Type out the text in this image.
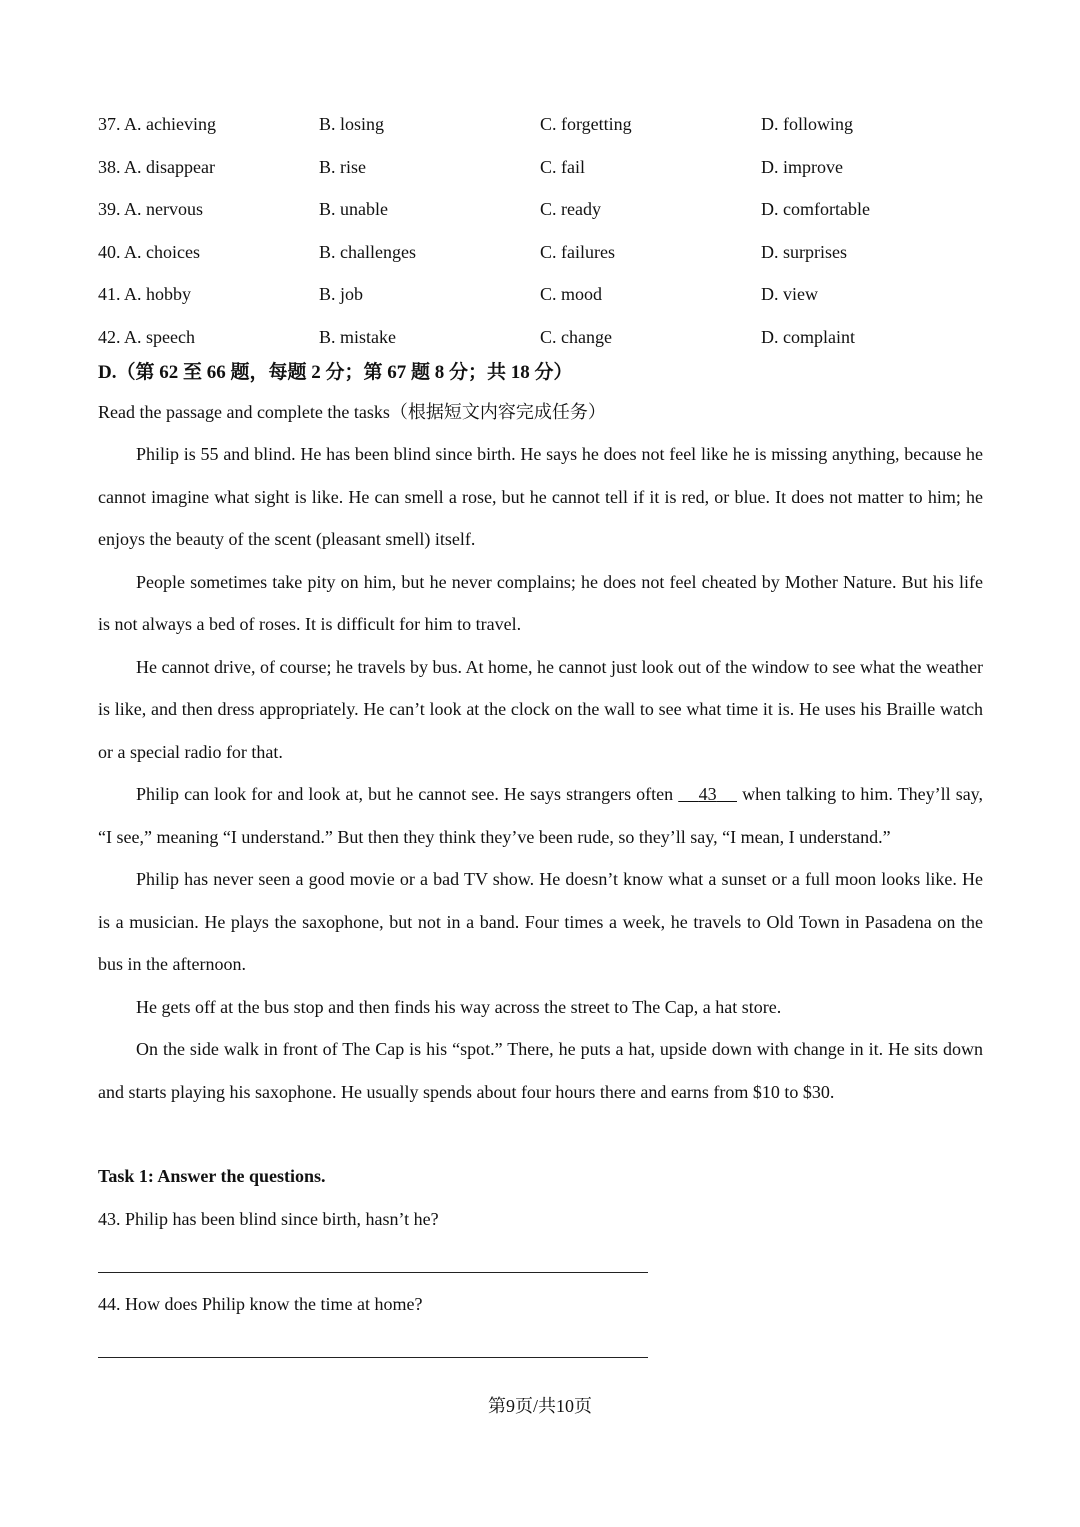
37. A. achieving	B. losing	C. forgetting	D. following
38. A. disappear	B. rise	C. fail	D. improve
39. A. nervous	B. unable	C. ready	D. comfortable
40. A. choices	B. challenges	C. failures	D. surprises
41. A. hobby	B. job	C. mood	D. view
42. A. speech	B. mistake	C. change	D. complaint
D.（第 62 至 66 题，每题 2 分；第 67 题 8 分；共 18 分）
Read the passage and complete the tasks（根据短文内容完成任务）

Philip is 55 and blind. He has been blind since birth. He says he does not feel like he is missing anything, because he cannot imagine what sight is like. He can smell a rose, but he cannot tell if it is red, or blue. It does not matter to him; he enjoys the beauty of the scent (pleasant smell) itself.

People sometimes take pity on him, but he never complains; he does not feel cheated by Mother Nature. But his life is not always a bed of roses. It is difficult for him to travel.

He cannot drive, of course; he travels by bus. At home, he cannot just look out of the window to see what the weather is like, and then dress appropriately. He can’t look at the clock on the wall to see what time it is. He uses his Braille watch or a special radio for that.

Philip can look for and look at, but he cannot see. He says strangers often     43     when talking to him. They’ll say, “I see,” meaning “I understand.” But then they think they’ve been rude, so they’ll say, “I mean, I understand.”

Philip has never seen a good movie or a bad TV show. He doesn’t know what a sunset or a full moon looks like. He is a musician. He plays the saxophone, but not in a band. Four times a week, he travels to Old Town in Pasadena on the bus in the afternoon.

He gets off at the bus stop and then finds his way across the street to The Cap, a hat store.

On the side walk in front of The Cap is his “spot.” There, he puts a hat, upside down with change in it. He sits down and starts playing his saxophone. He usually spends about four hours there and earns from $10 to $30.

Task 1: Answer the questions.
43. Philip has been blind since birth, hasn’t he?
44. How does Philip know the time at home?
第9页/共10页
